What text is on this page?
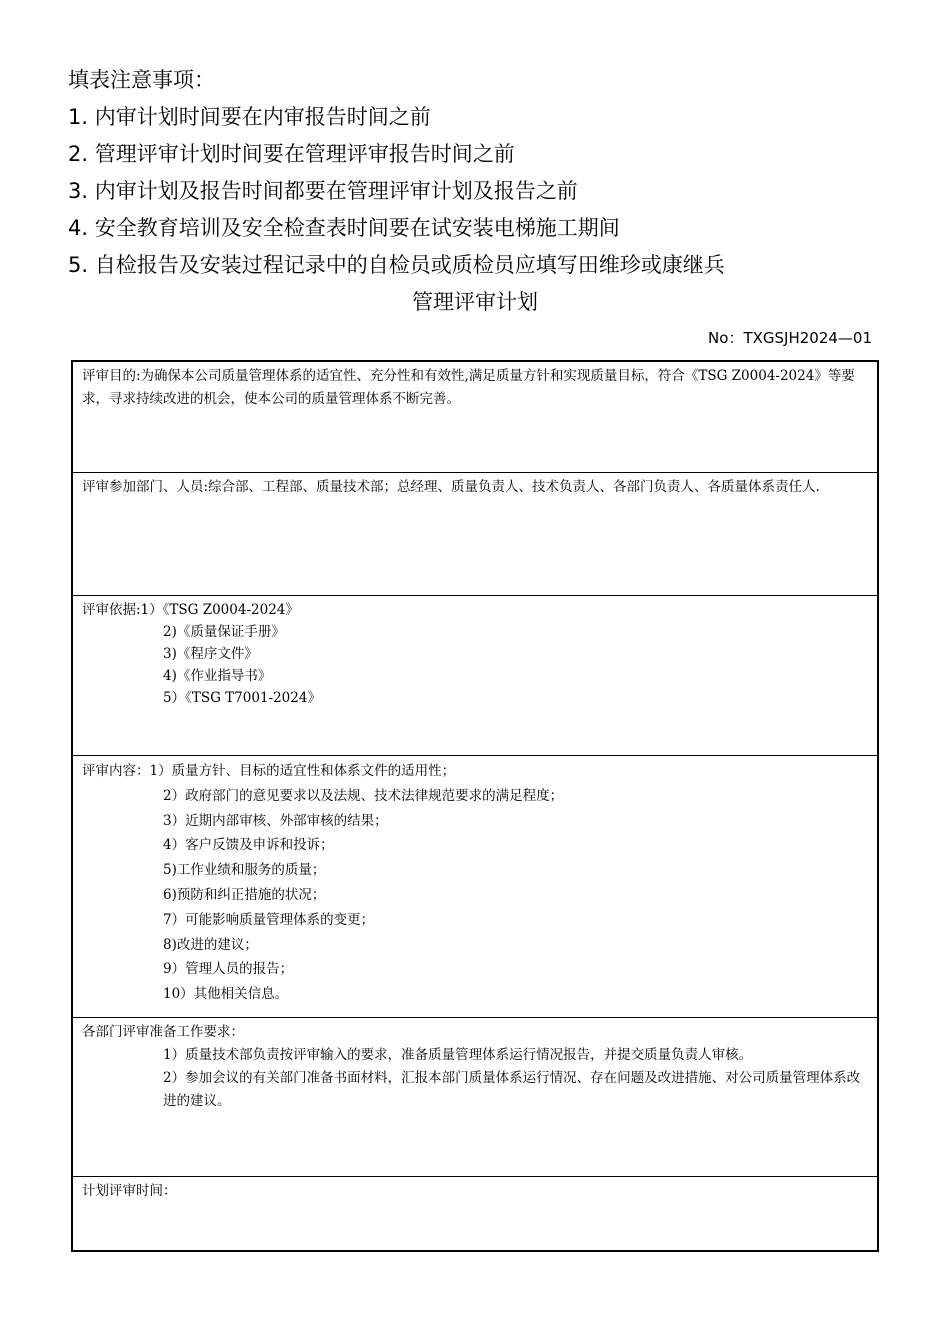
填表注意事项：
1. 内审计划时间要在内审报告时间之前
2. 管理评审计划时间要在管理评审报告时间之前
3. 内审计划及报告时间都要在管理评审计划及报告之前
4. 安全教育培训及安全检查表时间要在试安装电梯施工期间
5. 自检报告及安装过程记录中的自检员或质检员应填写田维珍或康继兵
管理评审计划
No：TXGSJH2024—01
评审目的:为确保本公司质量管理体系的适宜性、充分性和有效性,满足质量方针和实现质量目标，符合《TSG Z0004-2024》等要求，寻求持续改进的机会，使本公司的质量管理体系不断完善。
评审参加部门、人员:综合部、工程部、质量技术部；总经理、质量负责人、技术负责人、各部门负责人、各质量体系责任人.
评审依据:1）《TSG Z0004-2024》
2)《质量保证手册》
3)《程序文件》
4)《作业指导书》
5）《TSG T7001-2024》
评审内容：1）质量方针、目标的适宜性和体系文件的适用性；
2）政府部门的意见要求以及法规、技术法律规范要求的满足程度；
3）近期内部审核、外部审核的结果；
4）客户反馈及申诉和投诉；
5)工作业绩和服务的质量；
6)预防和纠正措施的状况；
7）可能影响质量管理体系的变更；
8)改进的建议；
9）管理人员的报告；
10）其他相关信息。
各部门评审准备工作要求：
1）质量技术部负责按评审输入的要求，准备质量管理体系运行情况报告，并提交质量负责人审核。
2）参加会议的有关部门准备书面材料，汇报本部门质量体系运行情况、存在问题及改进措施、对公司质量管理体系改进的建议。
计划评审时间：
